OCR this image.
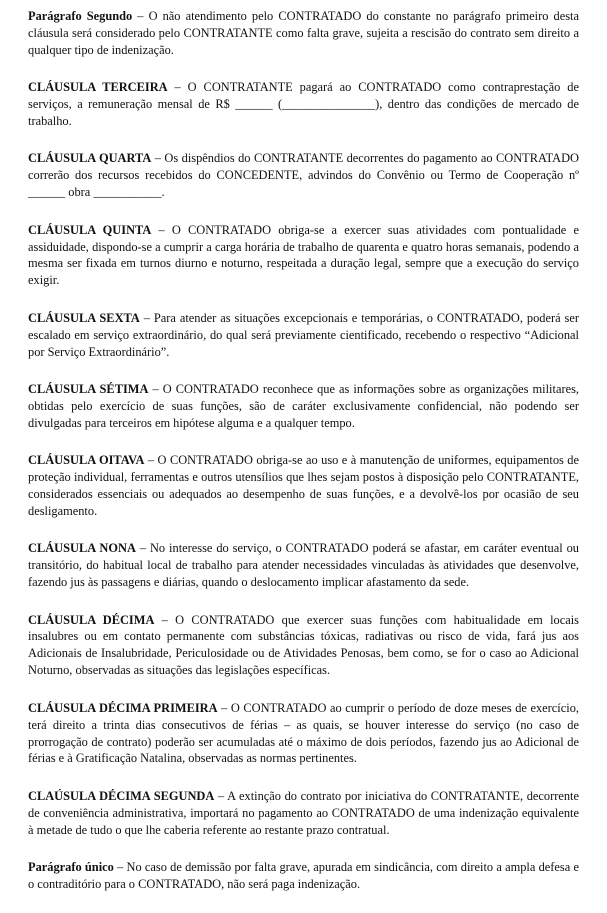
Parágrafo Segundo – O não atendimento pelo CONTRATADO do constante no parágrafo primeiro desta cláusula será considerado pelo CONTRATANTE como falta grave, sujeita a rescisão do contrato sem direito a qualquer tipo de indenização.

CLÁUSULA TERCEIRA – O CONTRATANTE pagará ao CONTRATADO como contraprestação de serviços, a remuneração mensal de R$ ______ (_______________), dentro das condições de mercado de trabalho.

CLÁUSULA QUARTA – Os dispêndios do CONTRATANTE decorrentes do pagamento ao CONTRATADO correrão dos recursos recebidos do CONCEDENTE, advindos do Convênio ou Termo de Cooperação nº ______ obra ___________.

CLÁUSULA QUINTA – O CONTRATADO obriga-se a exercer suas atividades com pontualidade e assiduidade, dispondo-se a cumprir a carga horária de trabalho de quarenta e quatro horas semanais, podendo a mesma ser fixada em turnos diurno e noturno, respeitada a duração legal, sempre que a execução do serviço exigir.

CLÁUSULA SEXTA – Para atender as situações excepcionais e temporárias, o CONTRATADO, poderá ser escalado em serviço extraordinário, do qual será previamente cientificado, recebendo o respectivo “Adicional por Serviço Extraordinário”.

CLÁUSULA SÉTIMA – O CONTRATADO reconhece que as informações sobre as organizações militares, obtidas pelo exercício de suas funções, são de caráter exclusivamente confidencial, não podendo ser divulgadas para terceiros em hipótese alguma e a qualquer tempo.

CLÁUSULA OITAVA – O CONTRATADO obriga-se ao uso e à manutenção de uniformes, equipamentos de proteção individual, ferramentas e outros utensílios que lhes sejam postos à disposição pelo CONTRATANTE, considerados essenciais ou adequados ao desempenho de suas funções, e a devolvê-los por ocasião de seu desligamento.

CLÁUSULA NONA – No interesse do serviço, o CONTRATADO poderá se afastar, em caráter eventual ou transitório, do habitual local de trabalho para atender necessidades vinculadas às atividades que desenvolve, fazendo jus às passagens e diárias, quando o deslocamento implicar afastamento da sede.

CLÁUSULA DÉCIMA – O CONTRATADO que exercer suas funções com habitualidade em locais insalubres ou em contato permanente com substâncias tóxicas, radiativas ou risco de vida, fará jus aos Adicionais de Insalubridade, Periculosidade ou de Atividades Penosas, bem como, se for o caso ao Adicional Noturno, observadas as situações das legislações específicas.

CLÁUSULA DÉCIMA PRIMEIRA – O CONTRATADO ao cumprir o período de doze meses de exercício, terá direito a trinta dias consecutivos de férias – as quais, se houver interesse do serviço (no caso de prorrogação de contrato) poderão ser acumuladas até o máximo de dois períodos, fazendo jus ao Adicional de férias e à Gratificação Natalina, observadas as normas pertinentes.

CLAÚSULA DÉCIMA SEGUNDA – A extinção do contrato por iniciativa do CONTRATANTE, decorrente de conveniência administrativa, importará no pagamento ao CONTRATADO de uma indenização equivalente à metade de tudo o que lhe caberia referente ao restante prazo contratual.

Parágrafo único – No caso de demissão por falta grave, apurada em sindicância, com direito a ampla defesa e o contraditório para o CONTRATADO, não será paga indenização.
